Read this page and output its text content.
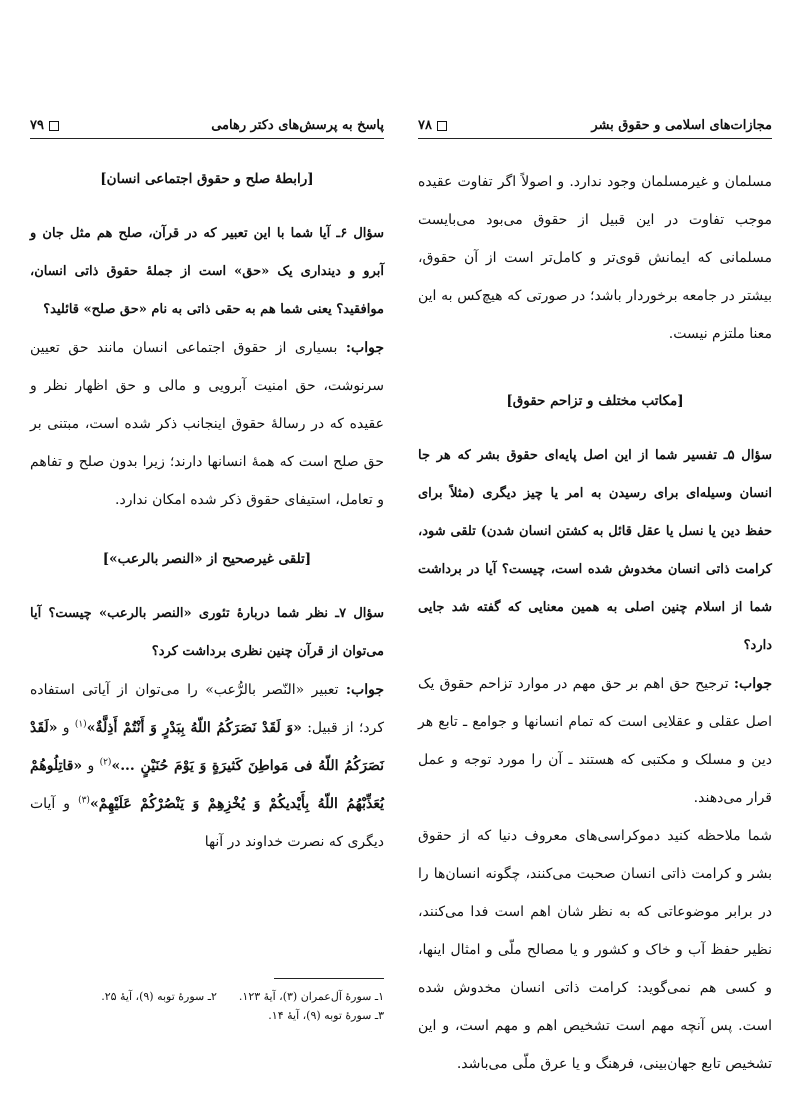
پاسخ به پرسش‌های دکتر رهامی
۷۹
[رابطهٔ صلح و حقوق اجتماعی انسان]

سؤال ۶ـ آیا شما با این تعبیر که در قرآن، صلح هم مثل جان و آبرو و دینداری یک «حق» است از جملهٔ حقوق ذاتی انسان، موافقید؟ یعنی شما هم به حقی ذاتی به نام «حق صلح» قائلید؟

جواب: بسیاری از حقوق اجتماعی انسان مانند حق تعیین سرنوشت، حق امنیت آبرویی و مالی و حق اظهار نظر و عقیده که در رسالهٔ حقوق اینجانب ذکر شده است، مبتنی بر حق صلح است که همهٔ انسانها دارند؛ زیرا بدون صلح و تفاهم و تعامل، استیفای حقوق ذکر شده امکان ندارد.

[تلقی غیرصحیح از «النصر بالرعب»]

سؤال ۷ـ نظر شما دربارهٔ تئوری «النصر بالرعب» چیست؟ آیا می‌توان از قرآن چنین نظری برداشت کرد؟

جواب: تعبیر «النّصر بالرُّعب» را می‌توان از آیاتی استفاده کرد؛ از قبیل: «وَ لَقَدْ نَصَرَکُمُ اللّهُ بِبَدْرٍ وَ أَنْتُمْ أَذِلَّةٌ»$^{(۱)}$ و «لَقَدْ نَصَرَکُمُ اللّهُ فی مَواطِنَ کَثیرَةٍ وَ یَوْمَ حُنَیْنٍ ...»$^{(۲)}$ و «قاتِلُوهُمْ یُعَذِّبْهُمُ اللّهُ بِأَیْدیکُمْ وَ یُخْزِهِمْ وَ یَنْصُرْکُمْ عَلَیْهِمْ»$^{(۳)}$ و آیات دیگری که نصرت خداوند در آنها

۱ـ سورهٔ آل‌عمران (۳)، آیهٔ ۱۲۳.
۲ـ سورهٔ توبه (۹)، آیهٔ ۲۵.
۳ـ سورهٔ توبه (۹)، آیهٔ ۱۴.
مجازات‌های اسلامی و حقوق بشر
۷۸

مسلمان و غیرمسلمان وجود ندارد. و اصولاً اگر تفاوت عقیده موجب تفاوت در این قبیل از حقوق می‌بود می‌بایست مسلمانی که ایمانش قوی‌تر و کامل‌تر است از آن حقوق، بیشتر در جامعه برخوردار باشد؛ در صورتی که هیچ‌کس به این معنا ملتزم نیست.

[مکاتب مختلف و تزاحم حقوق]

سؤال ۵ـ تفسیر شما از این اصل پایه‌ای حقوق بشر که هر جا انسان وسیله‌ای برای رسیدن به امر یا چیز دیگری (مثلاً برای حفظ دین یا نسل یا عقل قائل به کشتن انسان شدن) تلقی شود، کرامت ذاتی انسان مخدوش شده است، چیست؟ آیا در برداشت شما از اسلام چنین اصلی به همین معنایی که گفته شد جایی دارد؟

جواب: ترجیح حق اهم بر حق مهم در موارد تزاحم حقوق یک اصل عقلی و عقلایی است که تمام انسانها و جوامع ـ تابع هر دین و مسلک و مکتبی که هستند ـ آن را مورد توجه و عمل قرار می‌دهند.

شما ملاحظه کنید دموکراسی‌های معروف دنیا که از حقوق بشر و کرامت ذاتی انسان صحبت می‌کنند، چگونه انسان‌ها را در برابر موضوعاتی که به نظر شان اهم است فدا می‌کنند، نظیر حفظ آب و خاک و کشور و یا مصالح ملّی و امثال اینها، و کسی هم نمی‌گوید: کرامت ذاتی انسان مخدوش شده است. پس آنچه مهم است تشخیص اهم و مهم است، و این تشخیص تابع جهان‌بینی، فرهنگ و یا عرق ملّی می‌باشد.
